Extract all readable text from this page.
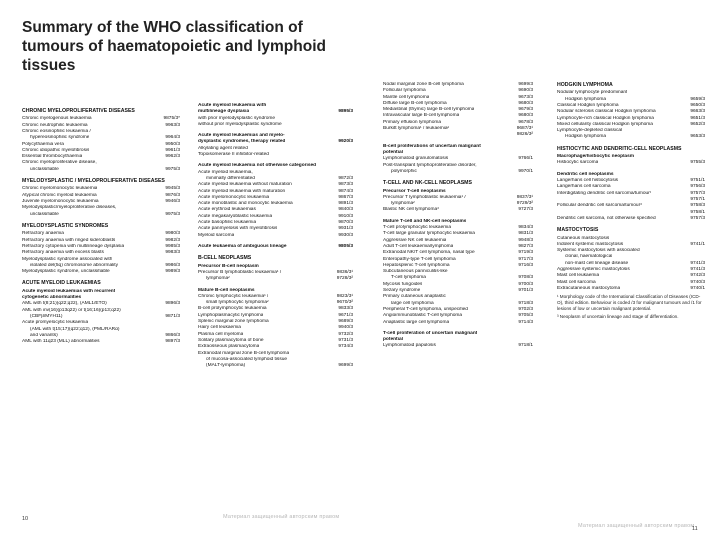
Summary of the WHO classification of tumours of haematopoietic and lymphoid tissues
CHRONIC MYELOPROLIFERATIVE DISEASES
Chronic myelogenous leukaemia	9875/3*
Chronic neutrophilic leukaemia	9963/3
Chronic eosinophilic leukaemia /
hypereosinophilic syndrome	9964/3
Polycythaemia vera	9950/3
Chronic idiopathic myelofibrosis	9961/3
Essential thrombocythaemia	9962/3
Chronic myeloproliferative disease,
unclassifiable	9975/3
MYELODYSPLASTIC / MYELOPROLIFERATIVE DISEASES
Chronic myelomonocytic leukaemia	9945/3
Atypical chronic myeloid leukaemia	9876/3
Juvenile myelomonocytic leukaemia	9946/3
Myelodysplastic/myeloproliferative diseases,
unclassifiable	9975/3
MYELODYSPLASTIC SYNDROMES
Refractory anaemia	9980/3
Refractory anaemia with ringed sideroblasts	9982/3
Refractory cytopenia with multilineage dysplasia	9985/3
Refractory anaemia with excess blasts	9983/3
Myelodysplastic syndrome associated with
isolated del(5q) chromosome abnormality	9986/3
Myelodysplastic syndrome, unclassifiable	9989/3
ACUTE MYELOID LEUKAEMIAS
Acute myeloid leukaemias with recurrent
cytogenetic abnormalities
AML with t(8;21)(q22;q22), (AML1/ETO)	9896/3
AML with inv(16)(p13q22) or t(16;16)(p13;q22)
(CBFβ/MYH11)	9871/3
Acute promyelocytic leukaemia
(AML with t(15;17)(q22;q12), (PML/RARα)
and variants)	9866/3
AML with 11q23 (MLL) abnormalities	9897/3
Acute myeloid leukaemia with
multilineage dysplasia	9895/3
with prior myelodysplastic syndrome
without prior myelodysplastic syndrome
Acute myeloid leukaemias and myelo-
dysplastic syndromes, therapy related	9920/3
Alkylating agent related
Topoisomerase II inhibitor-related
Acute myeloid leukaemia not otherwise categorised
Acute myeloid leukaemia,
minimally differentiated	9872/3
Acute myeloid leukaemia without maturation	9873/3
Acute myeloid leukaemia with maturation	9874/3
Acute myelomonocytic leukaemia	9867/3
Acute monoblastic and monocytic leukaemia	9891/3
Acute erythroid leukaemias	9840/3
Acute megakaryoblastic leukaemia	9910/3
Acute basophilic leukaemia	9870/3
Acute panmyelosis with myelofibrosis	9931/3
Myeloid sarcoma	9930/3
Acute leukaemia of ambiguous lineage	9805/3
B-CELL NEOPLASMS
Precursor B-cell neoplasm
Precursor B lymphoblastic leukaemia¹ /	9836/3¹
lymphoma²	9728/3²
Mature B-cell neoplasms
Chronic lymphocytic leukaemia¹ /	9823/3¹
small lymphocytic lymphoma²	9670/3²
B-cell prolymphocytic leukaemia	9833/3
Lymphoplasmacytic lymphoma	9671/3
Splenic marginal zone lymphoma	9689/3
Hairy cell leukaemia	9940/3
Plasma cell myeloma	9732/3
Solitary plasmacytoma of bone	9731/3
Extraosseous plasmacytoma	9734/3
Extranodal marginal zone B-cell lymphoma
of mucosa-associated lymphoid tissue
(MALT-lymphoma)	9699/3
Nodal marginal zone B-cell lymphoma	9699/3
Follicular lymphoma	9690/3
Mantle cell lymphoma	9673/3
Diffuse large B-cell lymphoma	9680/3
Mediastinal (thymic) large B-cell lymphoma	9679/3
Intravascular large B-cell lymphoma	9680/3
Primary effusion lymphoma	9678/3
Burkitt lymphoma¹ / leukaemia²	9687/3¹
9826/3²
B-cell proliferations of uncertain malignant
potential
Lymphomatoid granulomatosis	9766/1
Post-transplant lymphoproliferative disorder,
polymorphic	9970/1
T-CELL AND NK-CELL NEOPLASMS
Precursor T-cell neoplasms
Precursor T lymphoblastic leukaemia¹ /	9837/3¹
lymphoma²	9729/3²
Blastic NK cell lymphoma³	9727/3
Mature T-cell and NK-cell neoplasms
T-cell prolymphocytic leukaemia	9834/3
T-cell large granular lymphocytic leukaemia	9831/3
Aggressive NK cell leukaemia	9948/3
Adult T-cell leukaemia/lymphoma	9827/3
Extranodal NK/T cell lymphoma, nasal type	9719/3
Enteropathy-type T-cell lymphoma	9717/3
Hepatosplenic T-cell lymphoma	9716/3
Subcutaneous panniculitis-like
T-cell lymphoma	9708/3
Mycosis fungoides	9700/3
Sezary syndrome	9701/3
Primary cutaneous anaplastic
large cell lymphoma	9718/3
Peripheral T-cell lymphoma, unspecified	9702/3
Angioimmunoblastic T-cell lymphoma	9705/3
Anaplastic large cell lymphoma	9714/3
T-cell proliferation of uncertain malignant
potential
Lymphomatoid papulosis	9718/1
HODGKIN LYMPHOMA
Nodular lymphocyte predominant
Hodgkin lymphoma	9659/3
Classical Hodgkin lymphoma	9650/3
Nodular sclerosis classical Hodgkin lymphoma	9663/3
Lymphocyte-rich classical Hodgkin lymphoma	9651/3
Mixed cellularity classical Hodgkin lymphoma	9652/3
Lymphocyte-depleted classical
Hodgkin lymphoma	9653/3
HISTIOCYTIC AND DENDRITIC-CELL NEOPLASMS
Macrophage/histiocytic neoplasm
Histiocytic sarcoma	9755/3
Dendritic cell neoplasms
Langerhans cell histiocytosis	9751/1
Langerhans cell sarcoma	9756/3
Interdigitating dendritic cell sarcoma/tumour³	9757/3
9757/1
Follicular dendritic cell sarcoma/tumour³	9758/3
9758/1
Dendritic cell sarcoma, not otherwise specified	9757/3
MASTOCYTOSIS
Cutaneous mastocytosis
Indolent systemic mastocytosis	9741/1
Systemic mastocytosis with associated
clonal, haematological
non-mast cell lineage disease	9741/3
Aggressive systemic mastocytosis	9741/3
Mast cell leukaemia	9742/3
Mast cell sarcoma	9740/3
Extracutaneous mastocytoma	9740/1
¹ Morphology code of the International Classification of Diseases (ICD-O), third edition. Behaviour is coded /3 for malignant tumours and /1 for lesions of low or uncertain malignant potential.
³ Neoplasm of uncertain lineage and stage of differentiation.
10	Материал защищенный авторским правом
Материал защищенный авторским правом
11
